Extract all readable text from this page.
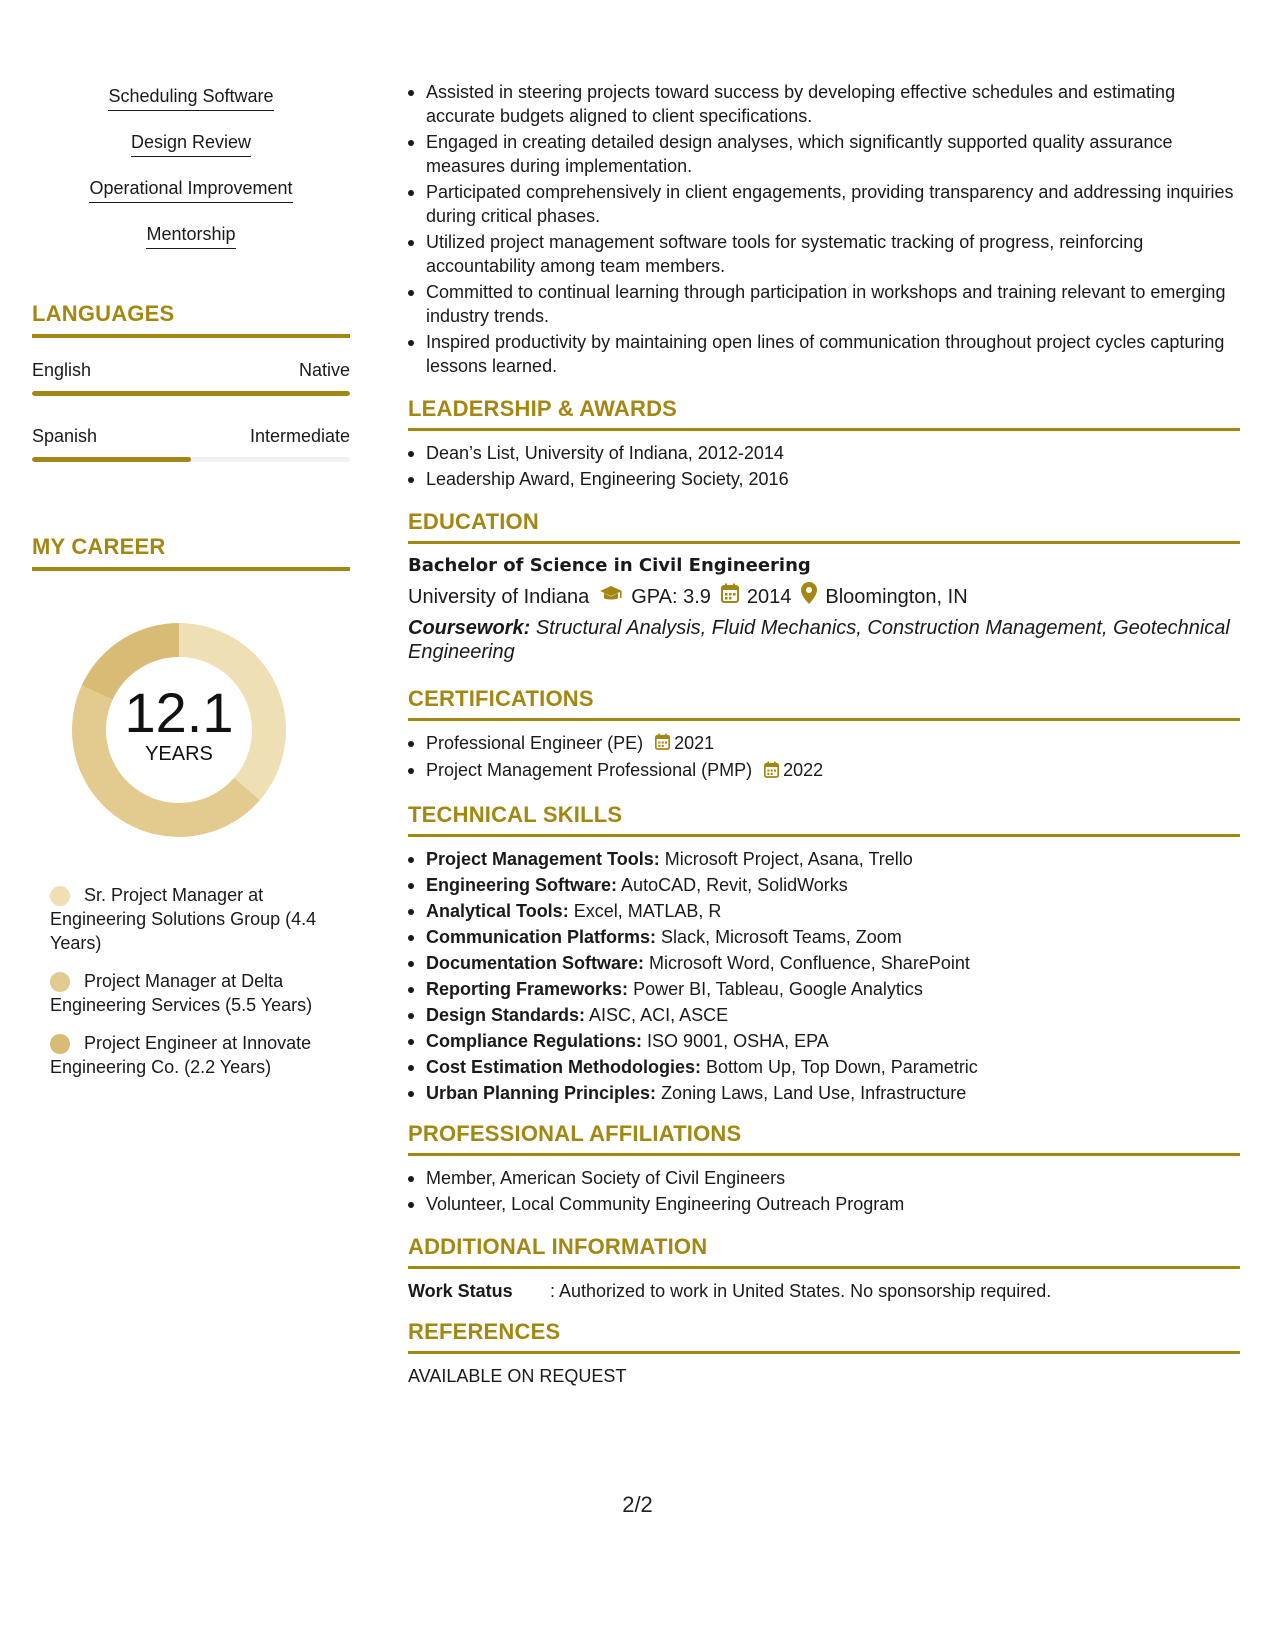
Scheduling Software
Design Review
Operational Improvement
Mentorship
LANGUAGES
English	Native
Spanish	Intermediate
MY CAREER
12.1
YEARS
Sr. Project Manager at Engineering Solutions Group (4.4 Years)
Project Manager at Delta Engineering Services (5.5 Years)
Project Engineer at Innovate Engineering Co. (2.2 Years)
Assisted in steering projects toward success by developing effective schedules and estimating accurate budgets aligned to client specifications.
Engaged in creating detailed design analyses, which significantly supported quality assurance measures during implementation.
Participated comprehensively in client engagements, providing transparency and addressing inquiries during critical phases.
Utilized project management software tools for systematic tracking of progress, reinforcing accountability among team members.
Committed to continual learning through participation in workshops and training relevant to emerging industry trends.
Inspired productivity by maintaining open lines of communication throughout project cycles capturing lessons learned.
LEADERSHIP & AWARDS
Dean’s List, University of Indiana, 2012-2014
Leadership Award, Engineering Society, 2016
EDUCATION
Bachelor of Science in Civil Engineering
University of Indiana GPA: 3.9 2014 Bloomington, IN
Coursework: Structural Analysis, Fluid Mechanics, Construction Management, Geotechnical Engineering
CERTIFICATIONS
Professional Engineer (PE) 2021
Project Management Professional (PMP) 2022
TECHNICAL SKILLS
Project Management Tools: Microsoft Project, Asana, Trello
Engineering Software: AutoCAD, Revit, SolidWorks
Analytical Tools: Excel, MATLAB, R
Communication Platforms: Slack, Microsoft Teams, Zoom
Documentation Software: Microsoft Word, Confluence, SharePoint
Reporting Frameworks: Power BI, Tableau, Google Analytics
Design Standards: AISC, ACI, ASCE
Compliance Regulations: ISO 9001, OSHA, EPA
Cost Estimation Methodologies: Bottom Up, Top Down, Parametric
Urban Planning Principles: Zoning Laws, Land Use, Infrastructure
PROFESSIONAL AFFILIATIONS
Member, American Society of Civil Engineers
Volunteer, Local Community Engineering Outreach Program
ADDITIONAL INFORMATION
Work Status	: Authorized to work in United States. No sponsorship required.
REFERENCES
AVAILABLE ON REQUEST
2/2
